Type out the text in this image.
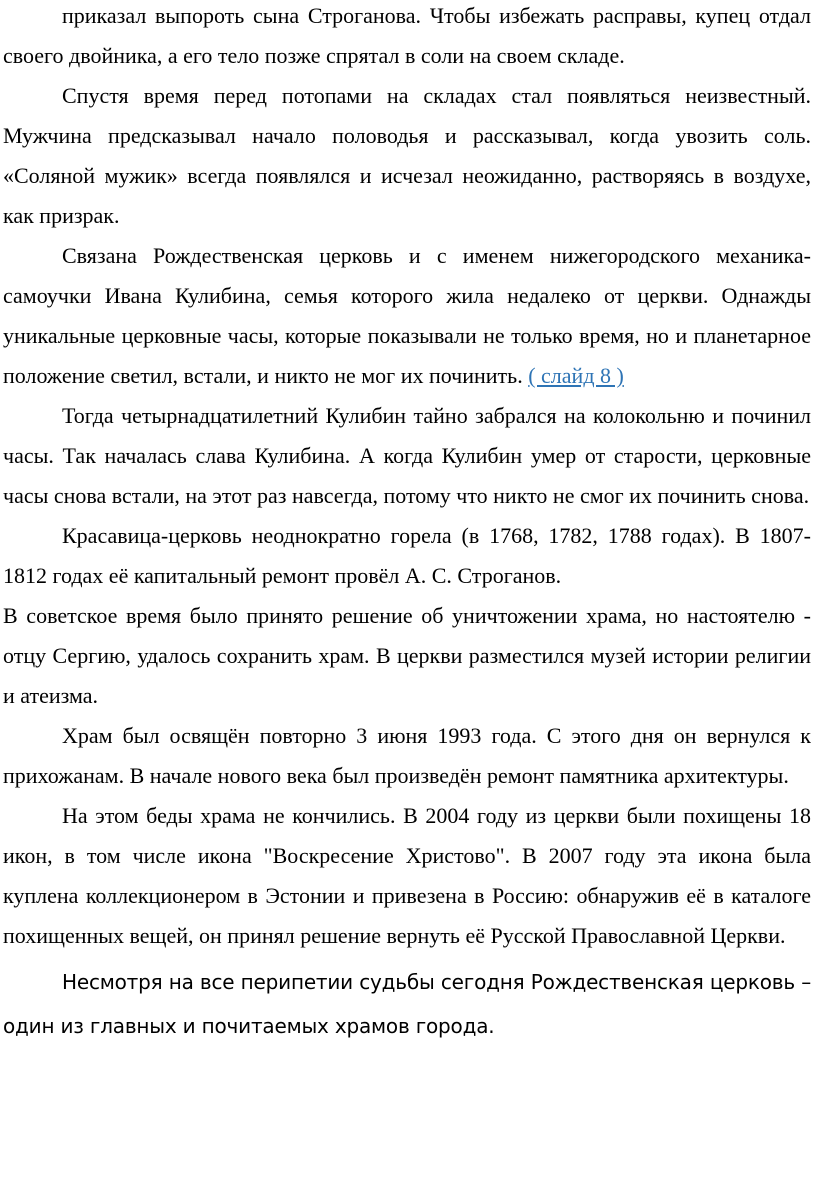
приказал выпороть сына Строганова. Чтобы избежать расправы, купец отдал своего двойника, а его тело позже спрятал в соли на своем складе.

Спустя время перед потопами на складах стал появляться неизвестный. Мужчина предсказывал начало половодья и рассказывал, когда увозить соль. «Соляной мужик» всегда появлялся и исчезал неожиданно, растворяясь в воздухе, как призрак.

Связана Рождественская церковь и с именем нижегородского механика-самоучки Ивана Кулибина, семья которого жила недалеко от церкви. Однажды уникальные церковные часы, которые показывали не только время, но и планетарное положение светил, встали, и никто не мог их починить. ( слайд 8 )

Тогда четырнадцатилетний Кулибин тайно забрался на колокольню и починил часы. Так началась слава Кулибина. А когда Кулибин умер от старости, церковные часы снова встали, на этот раз навсегда, потому что никто не смог их починить снова.

Красавица-церковь неоднократно горела (в 1768, 1782, 1788 годах). В 1807-1812 годах её капитальный ремонт провёл А. С. Строганов.

В советское время было принято решение об уничтожении храма, но настоятелю - отцу Сергию, удалось сохранить храм. В церкви разместился музей истории религии и атеизма.

Храм был освящён повторно 3 июня 1993 года. С этого дня он вернулся к прихожанам. В начале нового века был произведён ремонт памятника архитектуры.

На этом беды храма не кончились. В 2004 году из церкви были похищены 18 икон, в том числе икона "Воскресение Христово". В 2007 году эта икона была куплена коллекционером в Эстонии и привезена в Россию: обнаружив её в каталоге похищенных вещей, он принял решение вернуть её Русской Православной Церкви.

Несмотря на все перипетии судьбы сегодня Рождественская церковь – один из главных и почитаемых храмов города.
